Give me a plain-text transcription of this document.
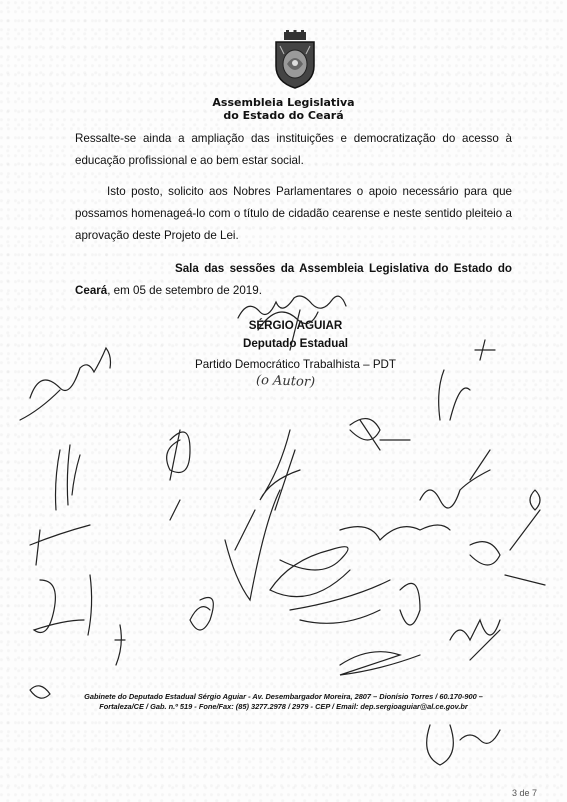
Assembleia Legislativa
do Estado do Ceará
Ressalte-se ainda a ampliação das instituições e democratização do acesso à educação profissional e ao bem estar social.
Isto posto, solicito aos Nobres Parlamentares o apoio necessário para que possamos homenageá-lo com o título de cidadão cearense e neste sentido pleiteio a aprovação deste Projeto de Lei.
Sala das sessões da Assembleia Legislativa do Estado do Ceará, em 05 de setembro de 2019.
SÉRGIO AGUIAR
Deputado Estadual
Partido Democrático Trabalhista – PDT
(o Autor)
Gabinete do Deputado Estadual Sérgio Aguiar - Av. Desembargador Moreira, 2807 – Dionísio Torres / 60.170-900 –
Fortaleza/CE / Gab. n.º 519 - Fone/Fax: (85) 3277.2978 / 2979 - CEP / Email: dep.sergioaguiar@al.ce.gov.br
3 de 7
